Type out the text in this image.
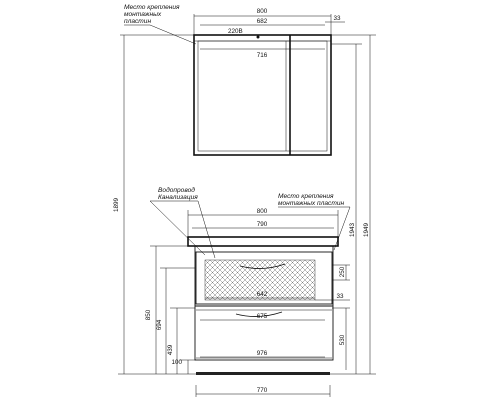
800
682	33
220В
716
Место крепления
монтажных
пластин
800
790
250
642	33
675
530
976
770
Водопровод
Канализация	Место крепления
монтажных пластин
1899
850
694
439
100
1943 1949
